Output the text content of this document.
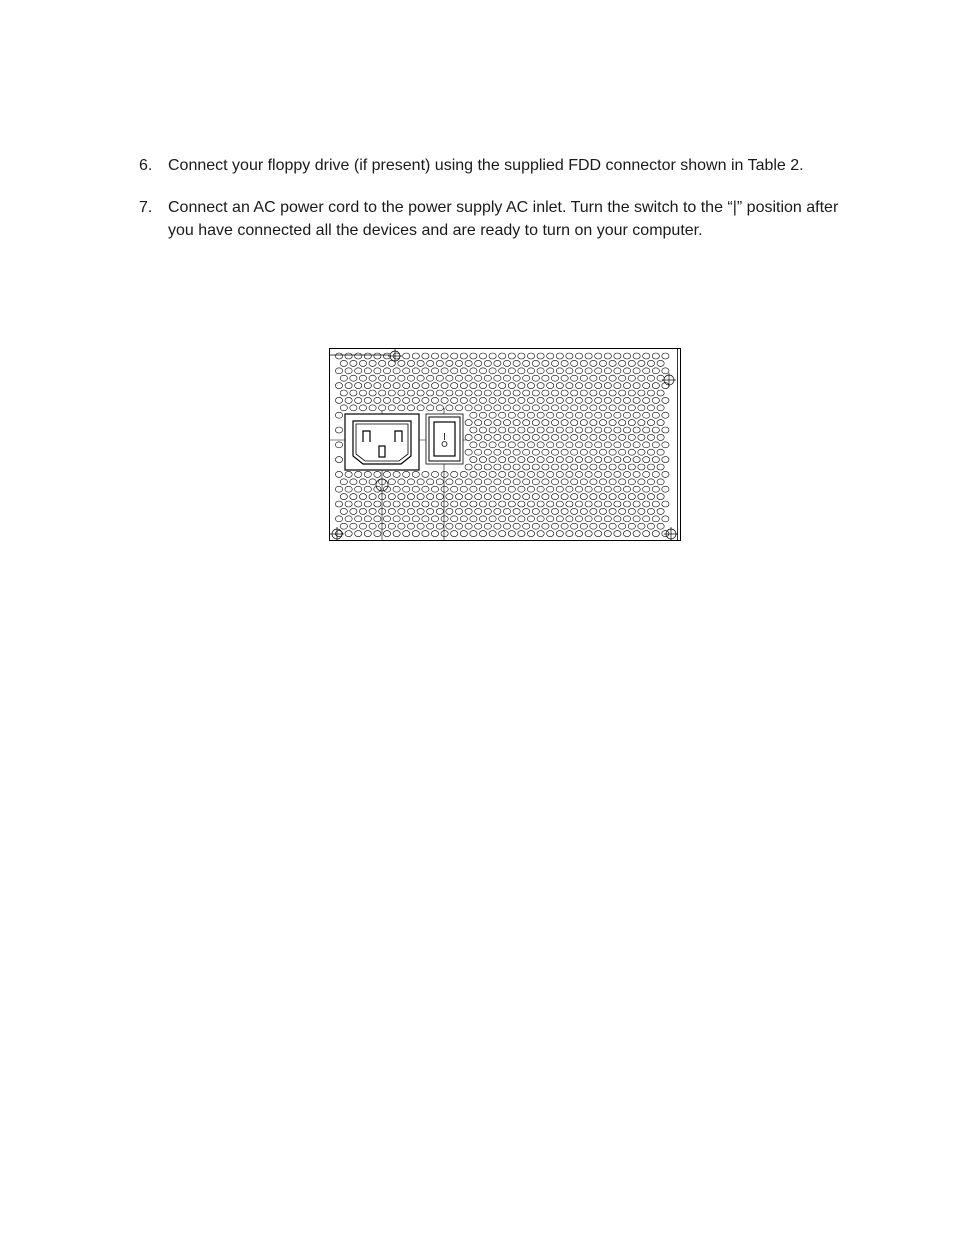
6. Connect your floppy drive (if present) using the supplied FDD connector shown in Table 2.
7. Connect an AC power cord to the power supply AC inlet. Turn the switch to the “|” position after you have connected all the devices and are ready to turn on your computer.
